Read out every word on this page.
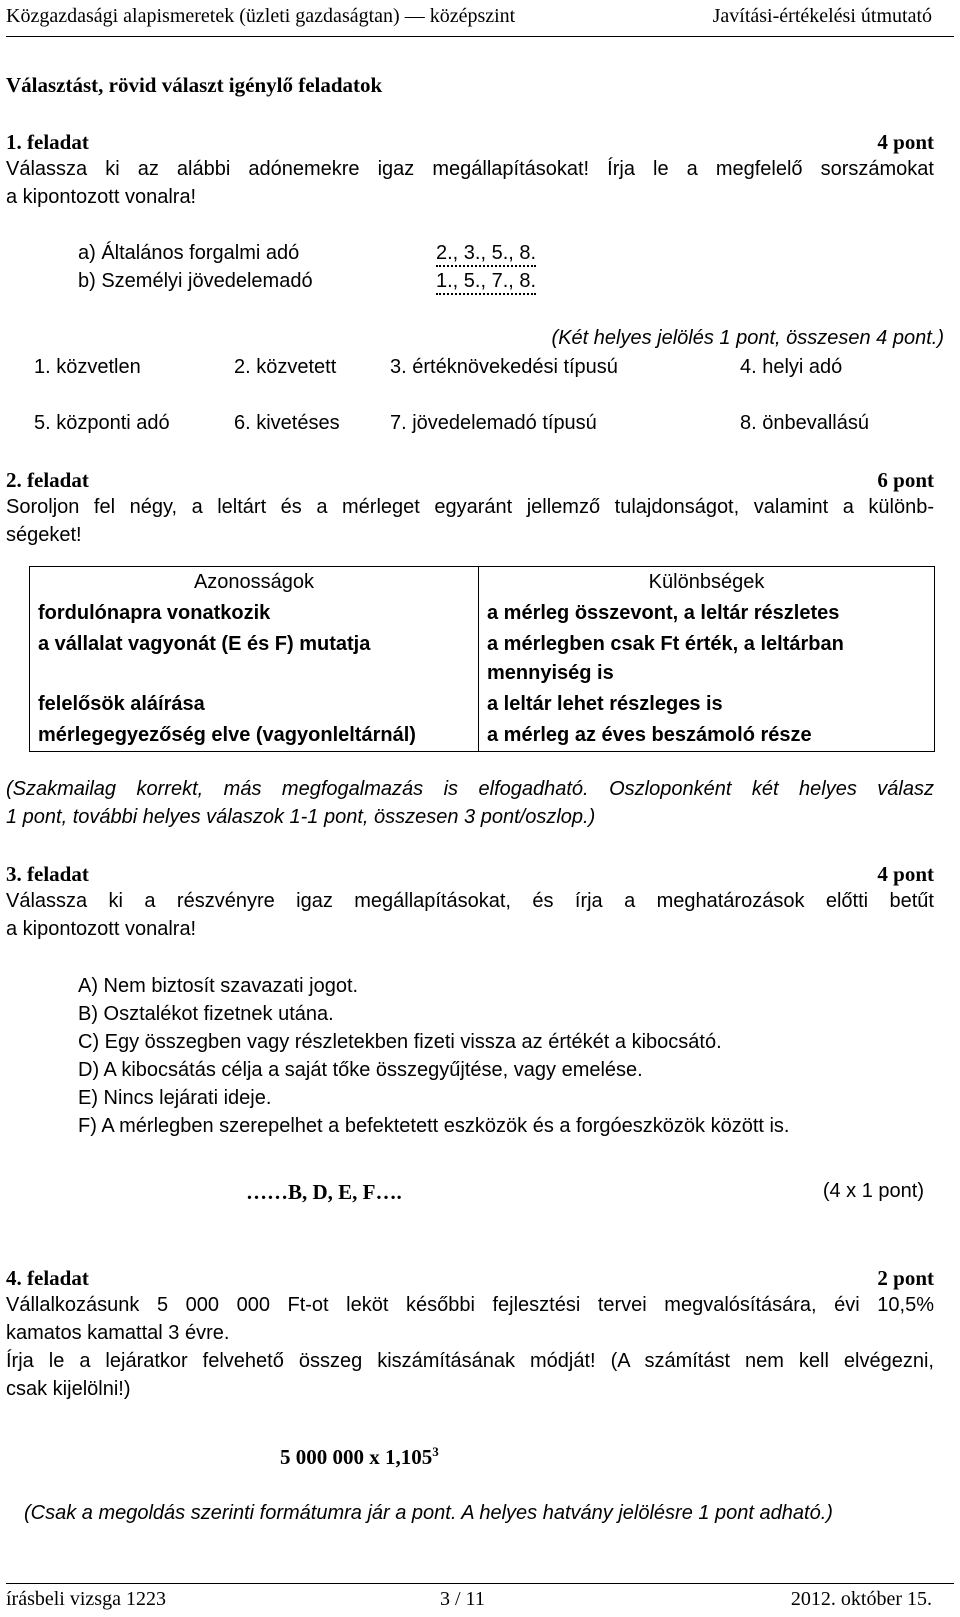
Közgazdasági alapismeretek (üzleti gazdaságtan) — középszint	Javítási-értékelési útmutató
Választást, rövid választ igénylő feladatok
1. feladat	4 pont
Válassza ki az alábbi adónemekre igaz megállapításokat! Írja le a megfelelő sorszámokat
a kipontozott vonalra!
a) Általános forgalmi adó	2., 3., 5., 8.
b) Személyi jövedelemadó	1., 5., 7., 8.
(Két helyes jelölés 1 pont, összesen 4 pont.)
1. közvetlen	2. közvetett	3. értéknövekedési típusú	4. helyi adó
5. központi adó	6. kivetéses	7. jövedelemadó típusú	8. önbevallású
2. feladat	6 pont
Soroljon fel négy, a leltárt és a mérleget egyaránt jellemző tulajdonságot, valamint a különb-
ségeket!
Azonosságok	Különbségek
fordulónapra vonatkozik	a mérleg összevont, a leltár részletes
a vállalat vagyonát (E és F) mutatja	a mérlegben csak Ft érték, a leltárban mennyiség is
felelősök aláírása	a leltár lehet részleges is
mérlegegyezőség elve (vagyonleltárnál)	a mérleg az éves beszámoló része
(Szakmailag korrekt, más megfogalmazás is elfogadható. Oszloponként két helyes válasz
1 pont, további helyes válaszok 1-1 pont, összesen 3 pont/oszlop.)
3. feladat	4 pont
Válassza ki a részvényre igaz megállapításokat, és írja a meghatározások előtti betűt
a kipontozott vonalra!
A) Nem biztosít szavazati jogot.
B) Osztalékot fizetnek utána.
C) Egy összegben vagy részletekben fizeti vissza az értékét a kibocsátó.
D) A kibocsátás célja a saját tőke összegyűjtése, vagy emelése.
E) Nincs lejárati ideje.
F) A mérlegben szerepelhet a befektetett eszközök és a forgóeszközök között is.
……B, D, E, F….	(4 x 1 pont)
4. feladat	2 pont
Vállalkozásunk 5 000 000 Ft-ot leköt későbbi fejlesztési tervei megvalósítására, évi 10,5%
kamatos kamattal 3 évre.
Írja le a lejáratkor felvehető összeg kiszámításának módját! (A számítást nem kell elvégezni,
csak kijelölni!)
5 000 000 x 1,105$^3$
(Csak a megoldás szerinti formátumra jár a pont. A helyes hatvány jelölésre 1 pont adható.)
írásbeli vizsga 1223	3 / 11	2012. október 15.
